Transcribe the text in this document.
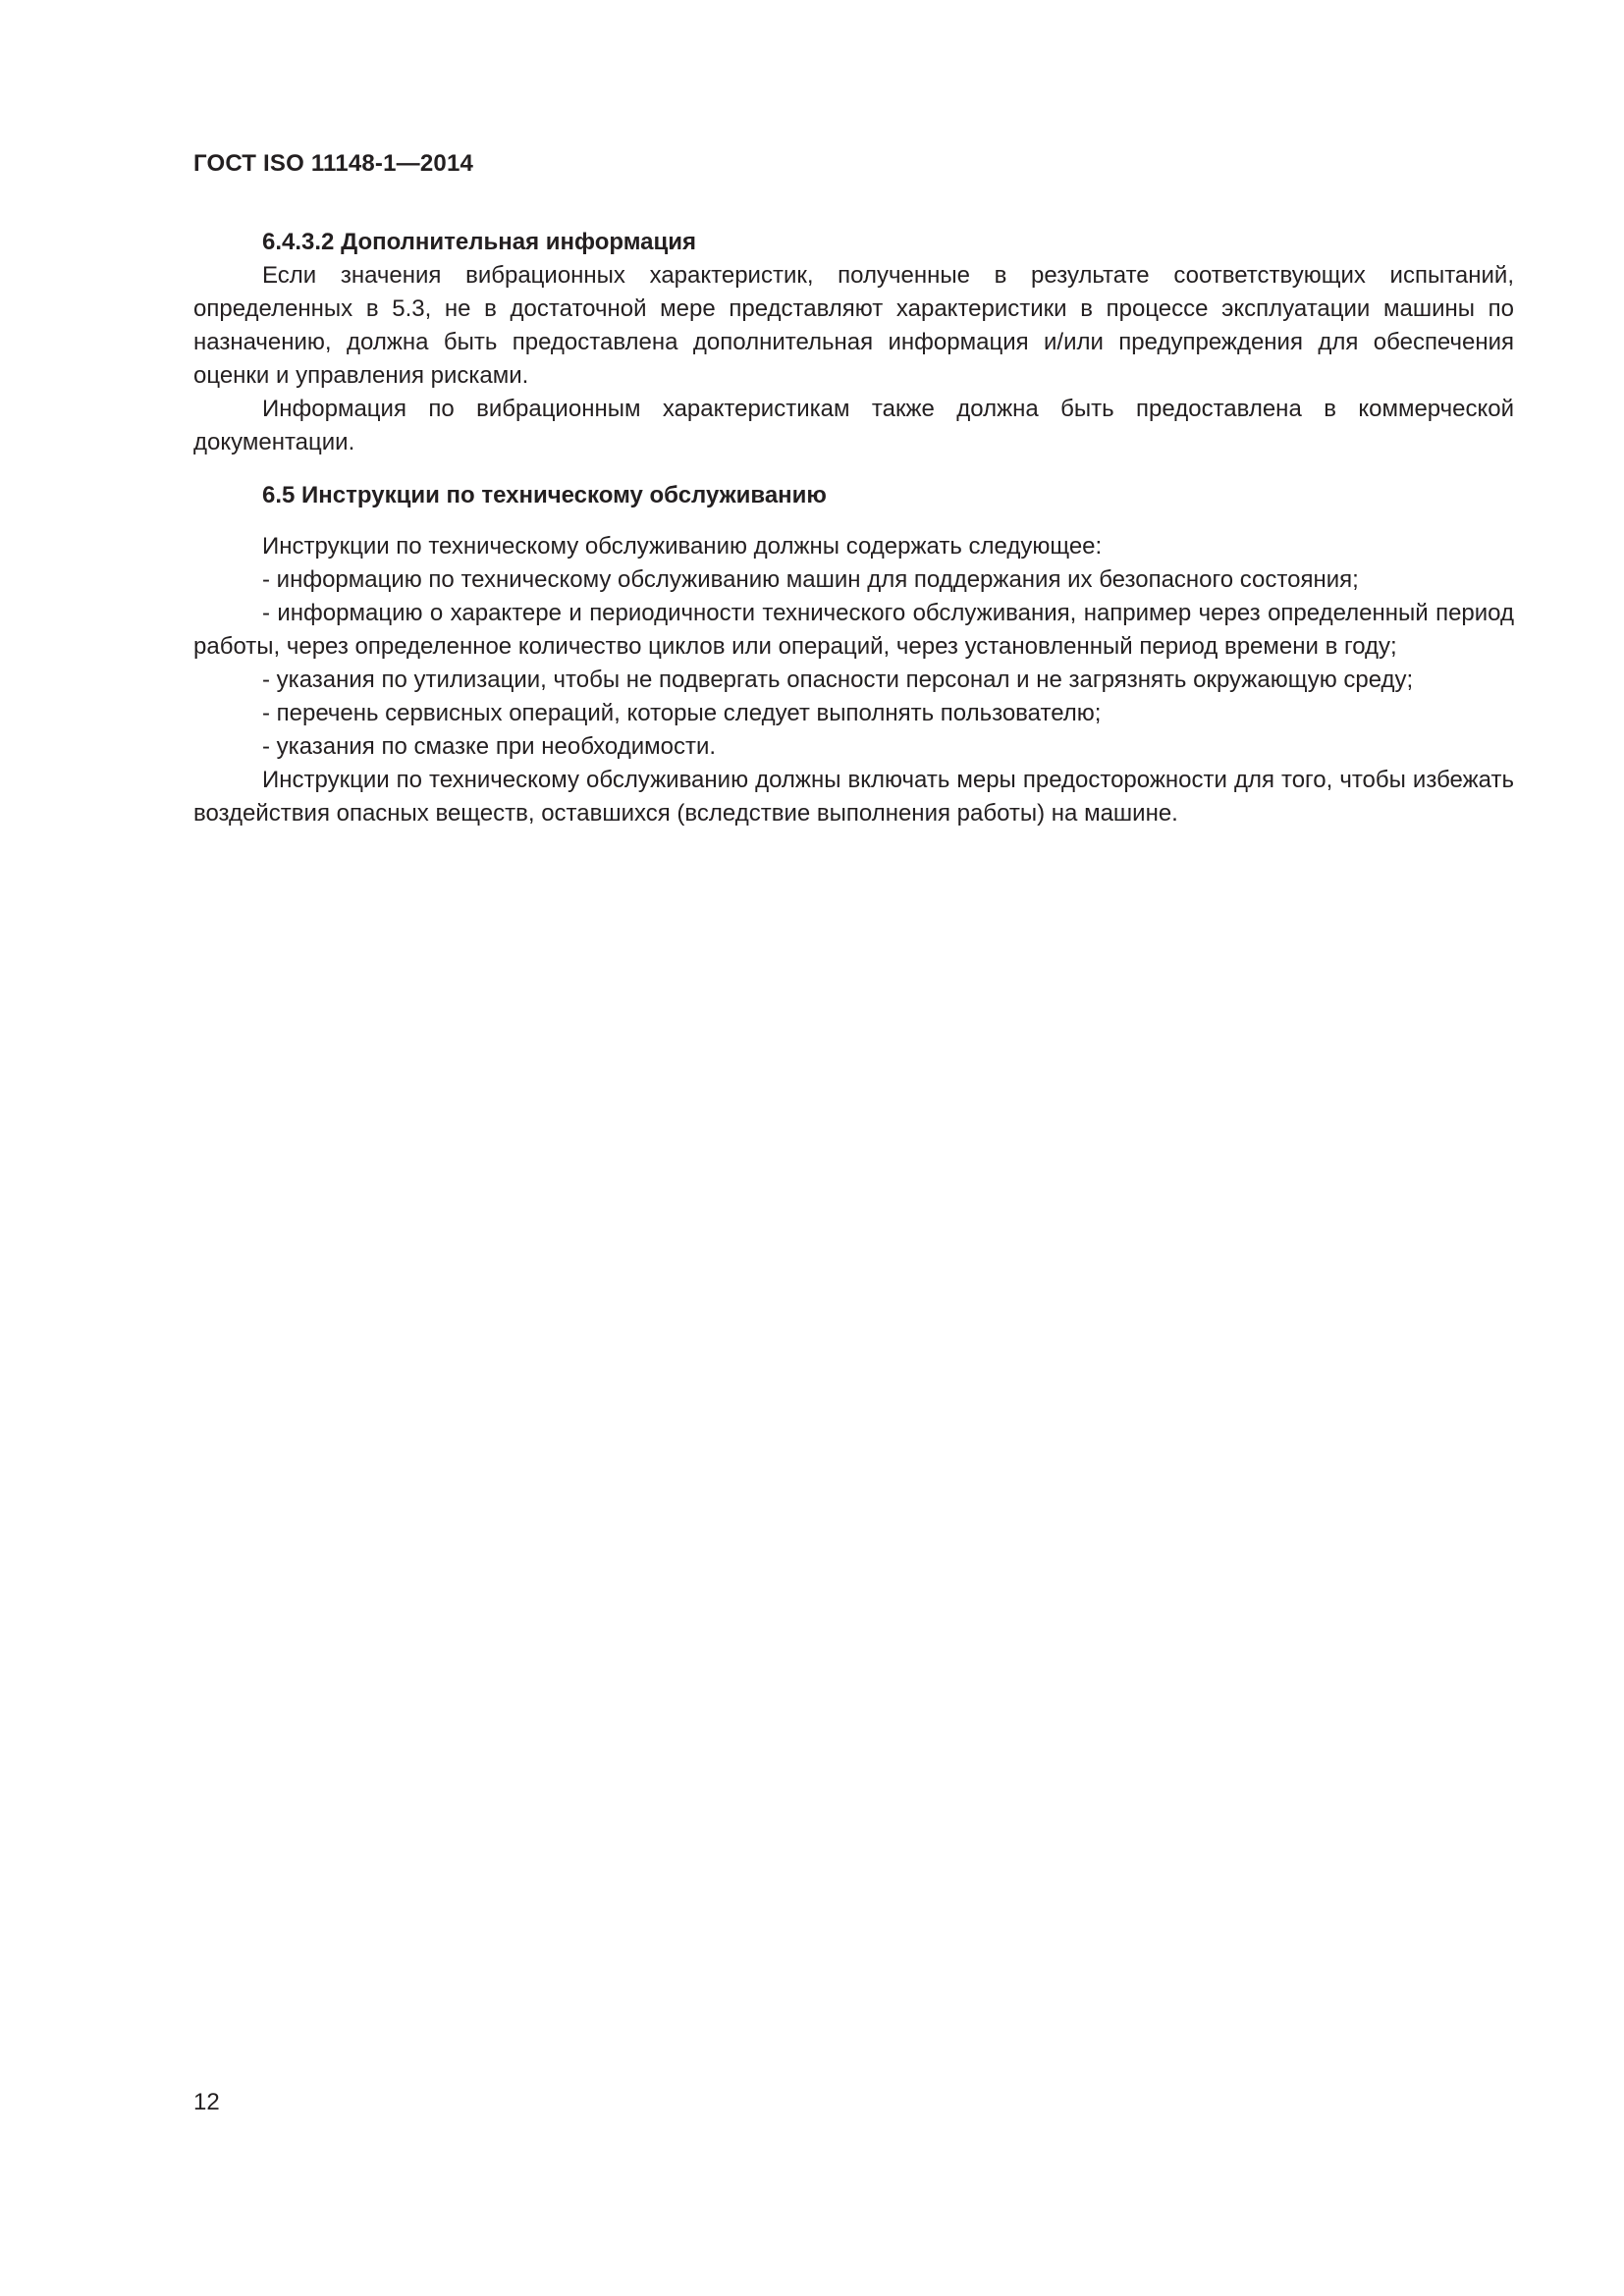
ГОСТ ISO 11148-1—2014

6.4.3.2 Дополнительная информация

Если значения вибрационных характеристик, полученные в результате соответствующих испытаний, определенных в 5.3, не в достаточной мере представляют характеристики в процессе эксплуатации машины по назначению, должна быть предоставлена дополнительная информация и/или предупреждения для обеспечения оценки и управления рисками.

Информация по вибрационным характеристикам также должна быть предоставлена в коммерческой документации.

6.5 Инструкции по техническому обслуживанию

Инструкции по техническому обслуживанию должны содержать следующее:

- информацию по техническому обслуживанию машин для поддержания их безопасного состояния;

- информацию о характере и периодичности технического обслуживания, например через определенный период работы, через определенное количество циклов или операций, через установленный период времени в году;

- указания по утилизации, чтобы не подвергать опасности персонал и не загрязнять окружающую среду;

- перечень сервисных операций, которые следует выполнять пользователю;

- указания по смазке при необходимости.

Инструкции по техническому обслуживанию должны включать меры предосторожности для того, чтобы избежать воздействия опасных веществ, оставшихся (вследствие выполнения работы) на машине.

12
